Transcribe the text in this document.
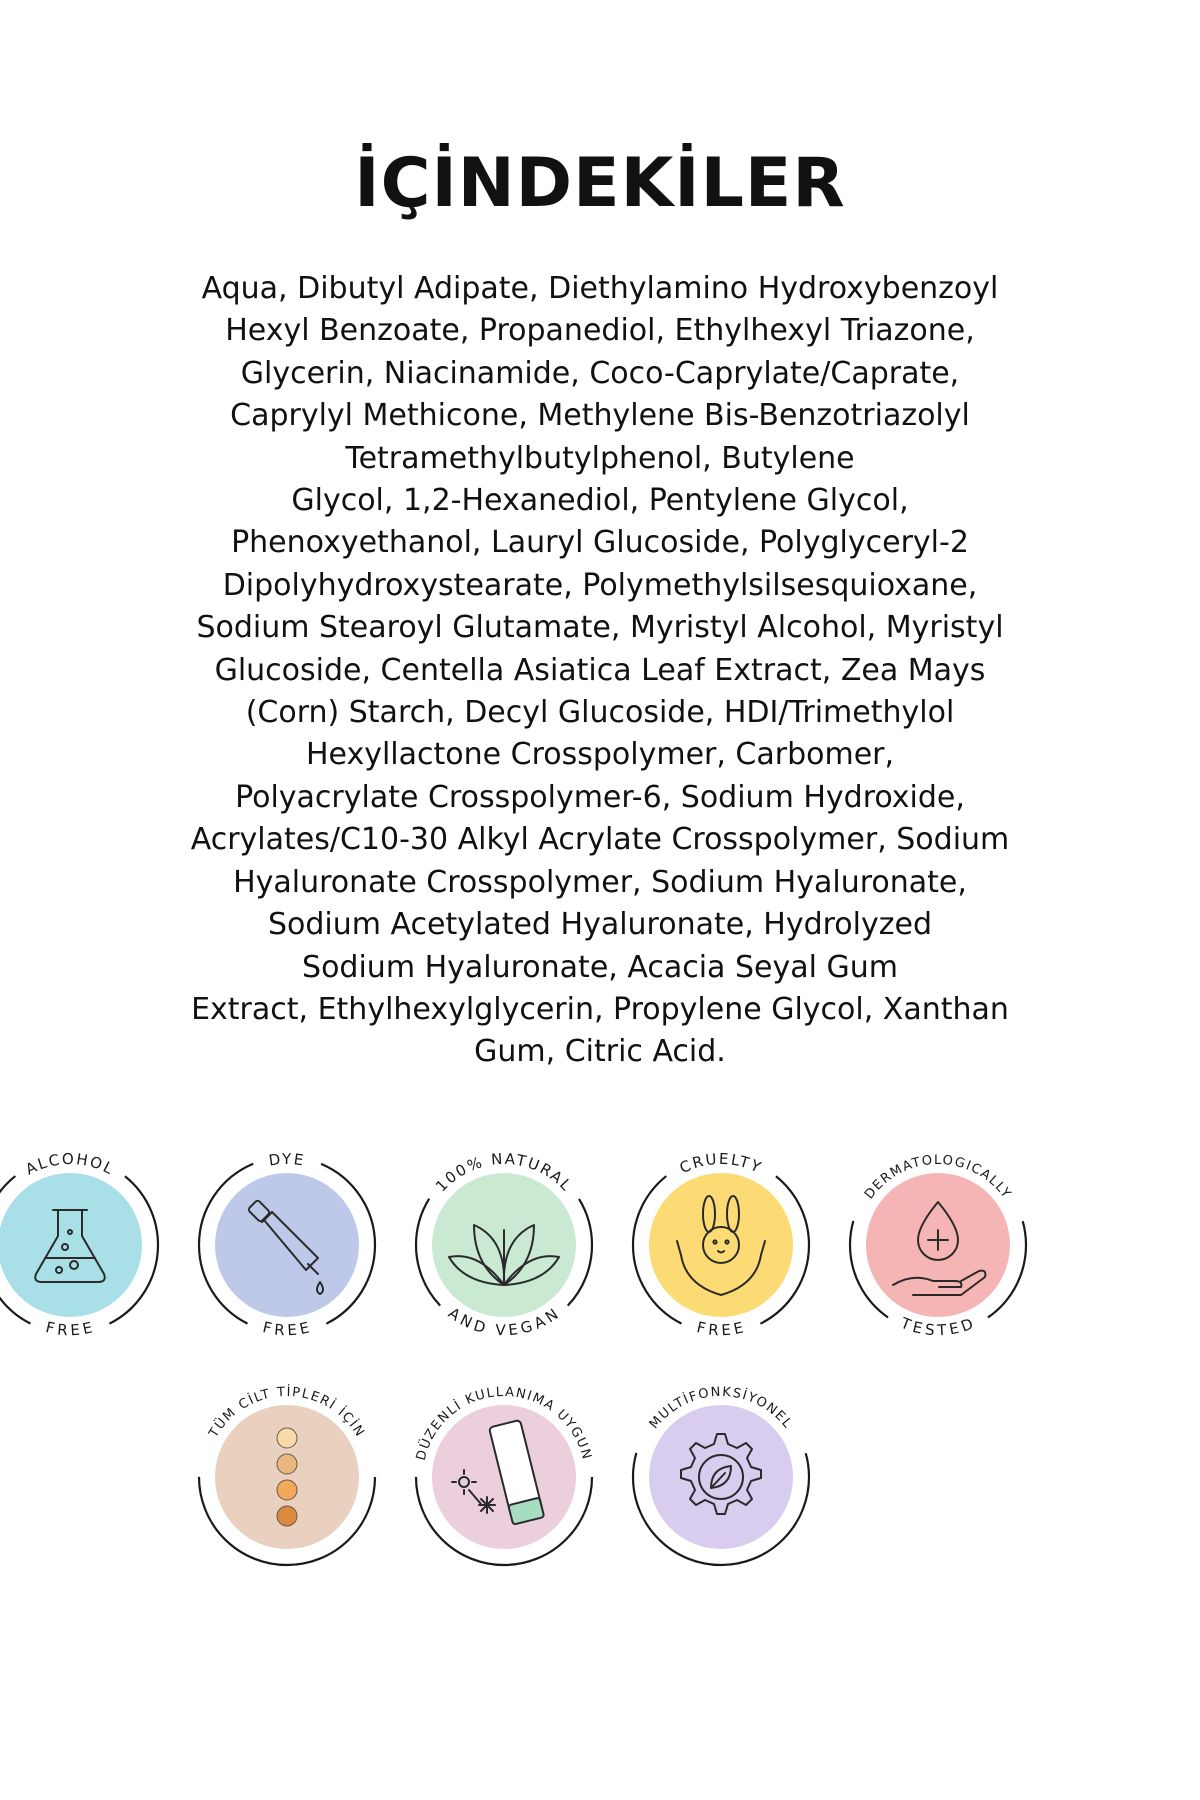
İÇİNDEKİLER
Aqua, Dibutyl Adipate, Diethylamino Hydroxybenzoyl
Hexyl Benzoate, Propanediol, Ethylhexyl Triazone,
Glycerin, Niacinamide, Coco-Caprylate/Caprate,
Caprylyl Methicone, Methylene Bis-Benzotriazolyl
Tetramethylbutylphenol, Butylene
Glycol, 1,2-Hexanediol, Pentylene Glycol,
Phenoxyethanol, Lauryl Glucoside, Polyglyceryl-2
Dipolyhydroxystearate, Polymethylsilsesquioxane,
Sodium Stearoyl Glutamate, Myristyl Alcohol, Myristyl
Glucoside, Centella Asiatica Leaf Extract, Zea Mays
(Corn) Starch, Decyl Glucoside, HDI/Trimethylol
Hexyllactone Crosspolymer, Carbomer,
Polyacrylate Crosspolymer-6, Sodium Hydroxide,
Acrylates/C10-30 Alkyl Acrylate Crosspolymer, Sodium
Hyaluronate Crosspolymer, Sodium Hyaluronate,
Sodium Acetylated Hyaluronate, Hydrolyzed
Sodium Hyaluronate, Acacia Seyal Gum
Extract, Ethylhexylglycerin, Propylene Glycol, Xanthan
Gum, Citric Acid.
ALCOHOL
FREE
DYE
FREE
100% NATURAL
AND VEGAN
CRUELTY
FREE
DERMATOLOGICALLY
TESTED
TÜM CİLT TİPLERİ İÇİN
DÜZENLİ KULLANIMA UYGUN
MULTİFONKSİYONEL
